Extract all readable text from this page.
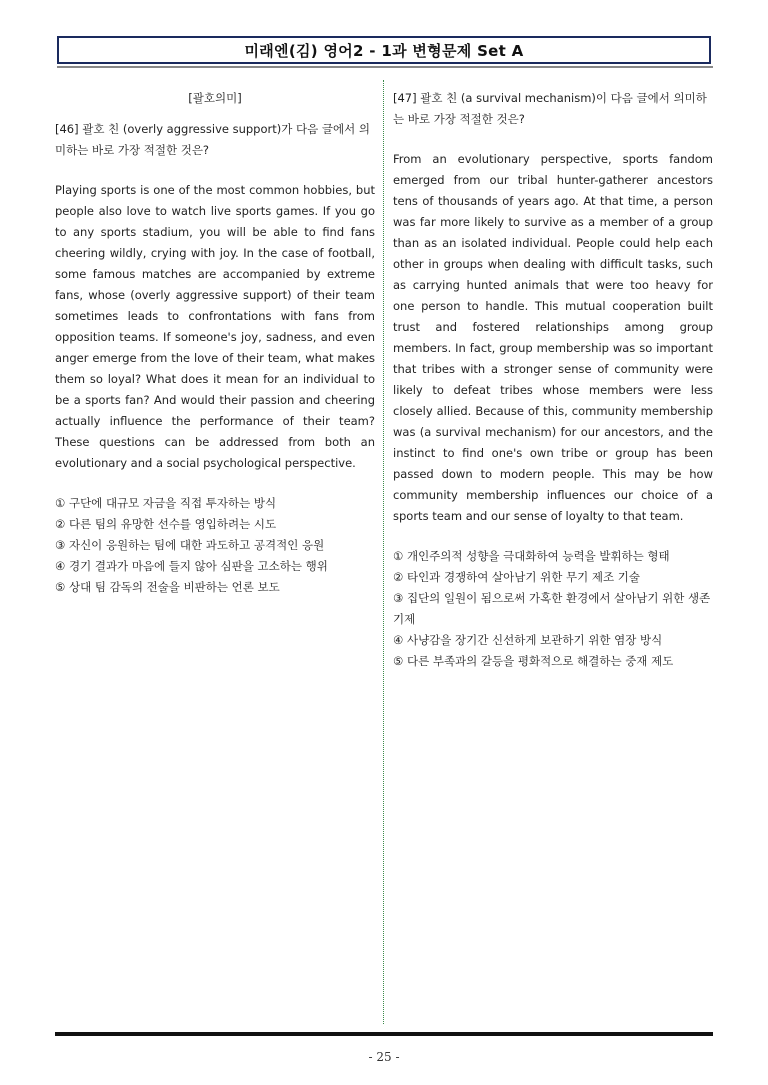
미래엔(김) 영어2 - 1과 변형문제 Set A

[괄호의미]

[46] 괄호 친 (overly aggressive support)가 다음 글에서 의미하는 바로 가장 적절한 것은?

Playing sports is one of the most common hobbies, but people also love to watch live sports games. If you go to any sports stadium, you will be able to find fans cheering wildly, crying with joy. In the case of football, some famous matches are accompanied by extreme fans, whose (overly aggressive support) of their team sometimes leads to confrontations with fans from opposition teams. If someone's joy, sadness, and even anger emerge from the love of their team, what makes them so loyal? What does it mean for an individual to be a sports fan? And would their passion and cheering actually influence the performance of their team? These questions can be addressed from both an evolutionary and a social psychological perspective.

① 구단에 대규모 자금을 직접 투자하는 방식
② 다른 팀의 유망한 선수를 영입하려는 시도
③ 자신이 응원하는 팀에 대한 과도하고 공격적인 응원
④ 경기 결과가 마음에 들지 않아 심판을 고소하는 행위
⑤ 상대 팀 감독의 전술을 비판하는 언론 보도

[47] 괄호 친 (a survival mechanism)이 다음 글에서 의미하는 바로 가장 적절한 것은?

From an evolutionary perspective, sports fandom emerged from our tribal hunter-gatherer ancestors tens of thousands of years ago. At that time, a person was far more likely to survive as a member of a group than as an isolated individual. People could help each other in groups when dealing with difficult tasks, such as carrying hunted animals that were too heavy for one person to handle. This mutual cooperation built trust and fostered relationships among group members. In fact, group membership was so important that tribes with a stronger sense of community were likely to defeat tribes whose members were less closely allied. Because of this, community membership was (a survival mechanism) for our ancestors, and the instinct to find one's own tribe or group has been passed down to modern people. This may be how community membership influences our choice of a sports team and our sense of loyalty to that team.

① 개인주의적 성향을 극대화하여 능력을 발휘하는 형태
② 타인과 경쟁하여 살아남기 위한 무기 제조 기술
③ 집단의 일원이 됨으로써 가혹한 환경에서 살아남기 위한 생존 기제
④ 사냥감을 장기간 신선하게 보관하기 위한 염장 방식
⑤ 다른 부족과의 갈등을 평화적으로 해결하는 중재 제도
- 25 -
